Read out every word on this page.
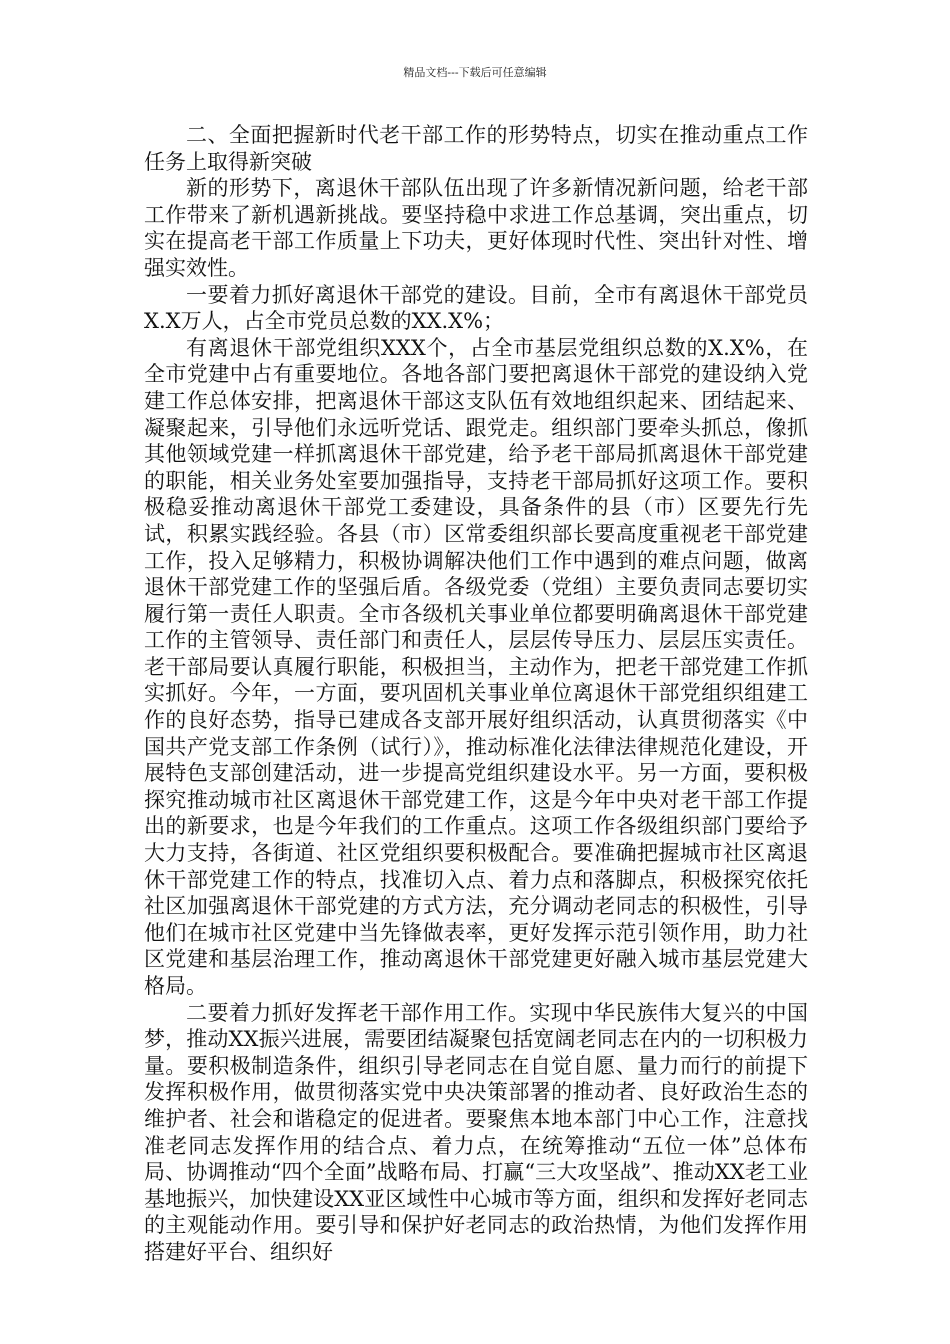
精品文档---下载后可任意编辑

二、全面把握新时代老干部工作的形势特点，切实在推动重点工作任务上取得新突破

新的形势下，离退休干部队伍出现了许多新情况新问题，给老干部工作带来了新机遇新挑战。要坚持稳中求进工作总基调，突出重点，切实在提高老干部工作质量上下功夫，更好体现时代性、突出针对性、增强实效性。

一要着力抓好离退休干部党的建设。目前，全市有离退休干部党员X.X万人，占全市党员总数的XX.X%；

有离退休干部党组织XXX个，占全市基层党组织总数的X.X%，在全市党建中占有重要地位。各地各部门要把离退休干部党的建设纳入党建工作总体安排，把离退休干部这支队伍有效地组织起来、团结起来、凝聚起来，引导他们永远听党话、跟党走。组织部门要牵头抓总，像抓其他领域党建一样抓离退休干部党建，给予老干部局抓离退休干部党建的职能，相关业务处室要加强指导，支持老干部局抓好这项工作。要积极稳妥推动离退休干部党工委建设，具备条件的县（市）区要先行先试，积累实践经验。各县（市）区常委组织部长要高度重视老干部党建工作，投入足够精力，积极协调解决他们工作中遇到的难点问题，做离退休干部党建工作的坚强后盾。各级党委（党组）主要负责同志要切实履行第一责任人职责。全市各级机关事业单位都要明确离退休干部党建工作的主管领导、责任部门和责任人，层层传导压力、层层压实责任。老干部局要认真履行职能，积极担当，主动作为，把老干部党建工作抓实抓好。今年，一方面，要巩固机关事业单位离退休干部党组织组建工作的良好态势，指导已建成各支部开展好组织活动，认真贯彻落实《中国共产党支部工作条例（试行）》，推动标准化法律法律规范化建设，开展特色支部创建活动，进一步提高党组织建设水平。另一方面，要积极探究推动城市社区离退休干部党建工作，这是今年中央对老干部工作提出的新要求，也是今年我们的工作重点。这项工作各级组织部门要给予大力支持，各街道、社区党组织要积极配合。要准确把握城市社区离退休干部党建工作的特点，找准切入点、着力点和落脚点，积极探究依托社区加强离退休干部党建的方式方法，充分调动老同志的积极性，引导他们在城市社区党建中当先锋做表率，更好发挥示范引领作用，助力社区党建和基层治理工作，推动离退休干部党建更好融入城市基层党建大格局。

二要着力抓好发挥老干部作用工作。实现中华民族伟大复兴的中国梦，推动XX振兴进展，需要团结凝聚包括宽阔老同志在内的一切积极力量。要积极制造条件，组织引导老同志在自觉自愿、量力而行的前提下发挥积极作用，做贯彻落实党中央决策部署的推动者、良好政治生态的维护者、社会和谐稳定的促进者。要聚焦本地本部门中心工作，注意找准老同志发挥作用的结合点、着力点，在统筹推动“五位一体”总体布局、协调推动“四个全面”战略布局、打赢“三大攻坚战”、推动XX老工业基地振兴，加快建设XX亚区域性中心城市等方面，组织和发挥好老同志的主观能动作用。要引导和保护好老同志的政治热情，为他们发挥作用搭建好平台、组织好
